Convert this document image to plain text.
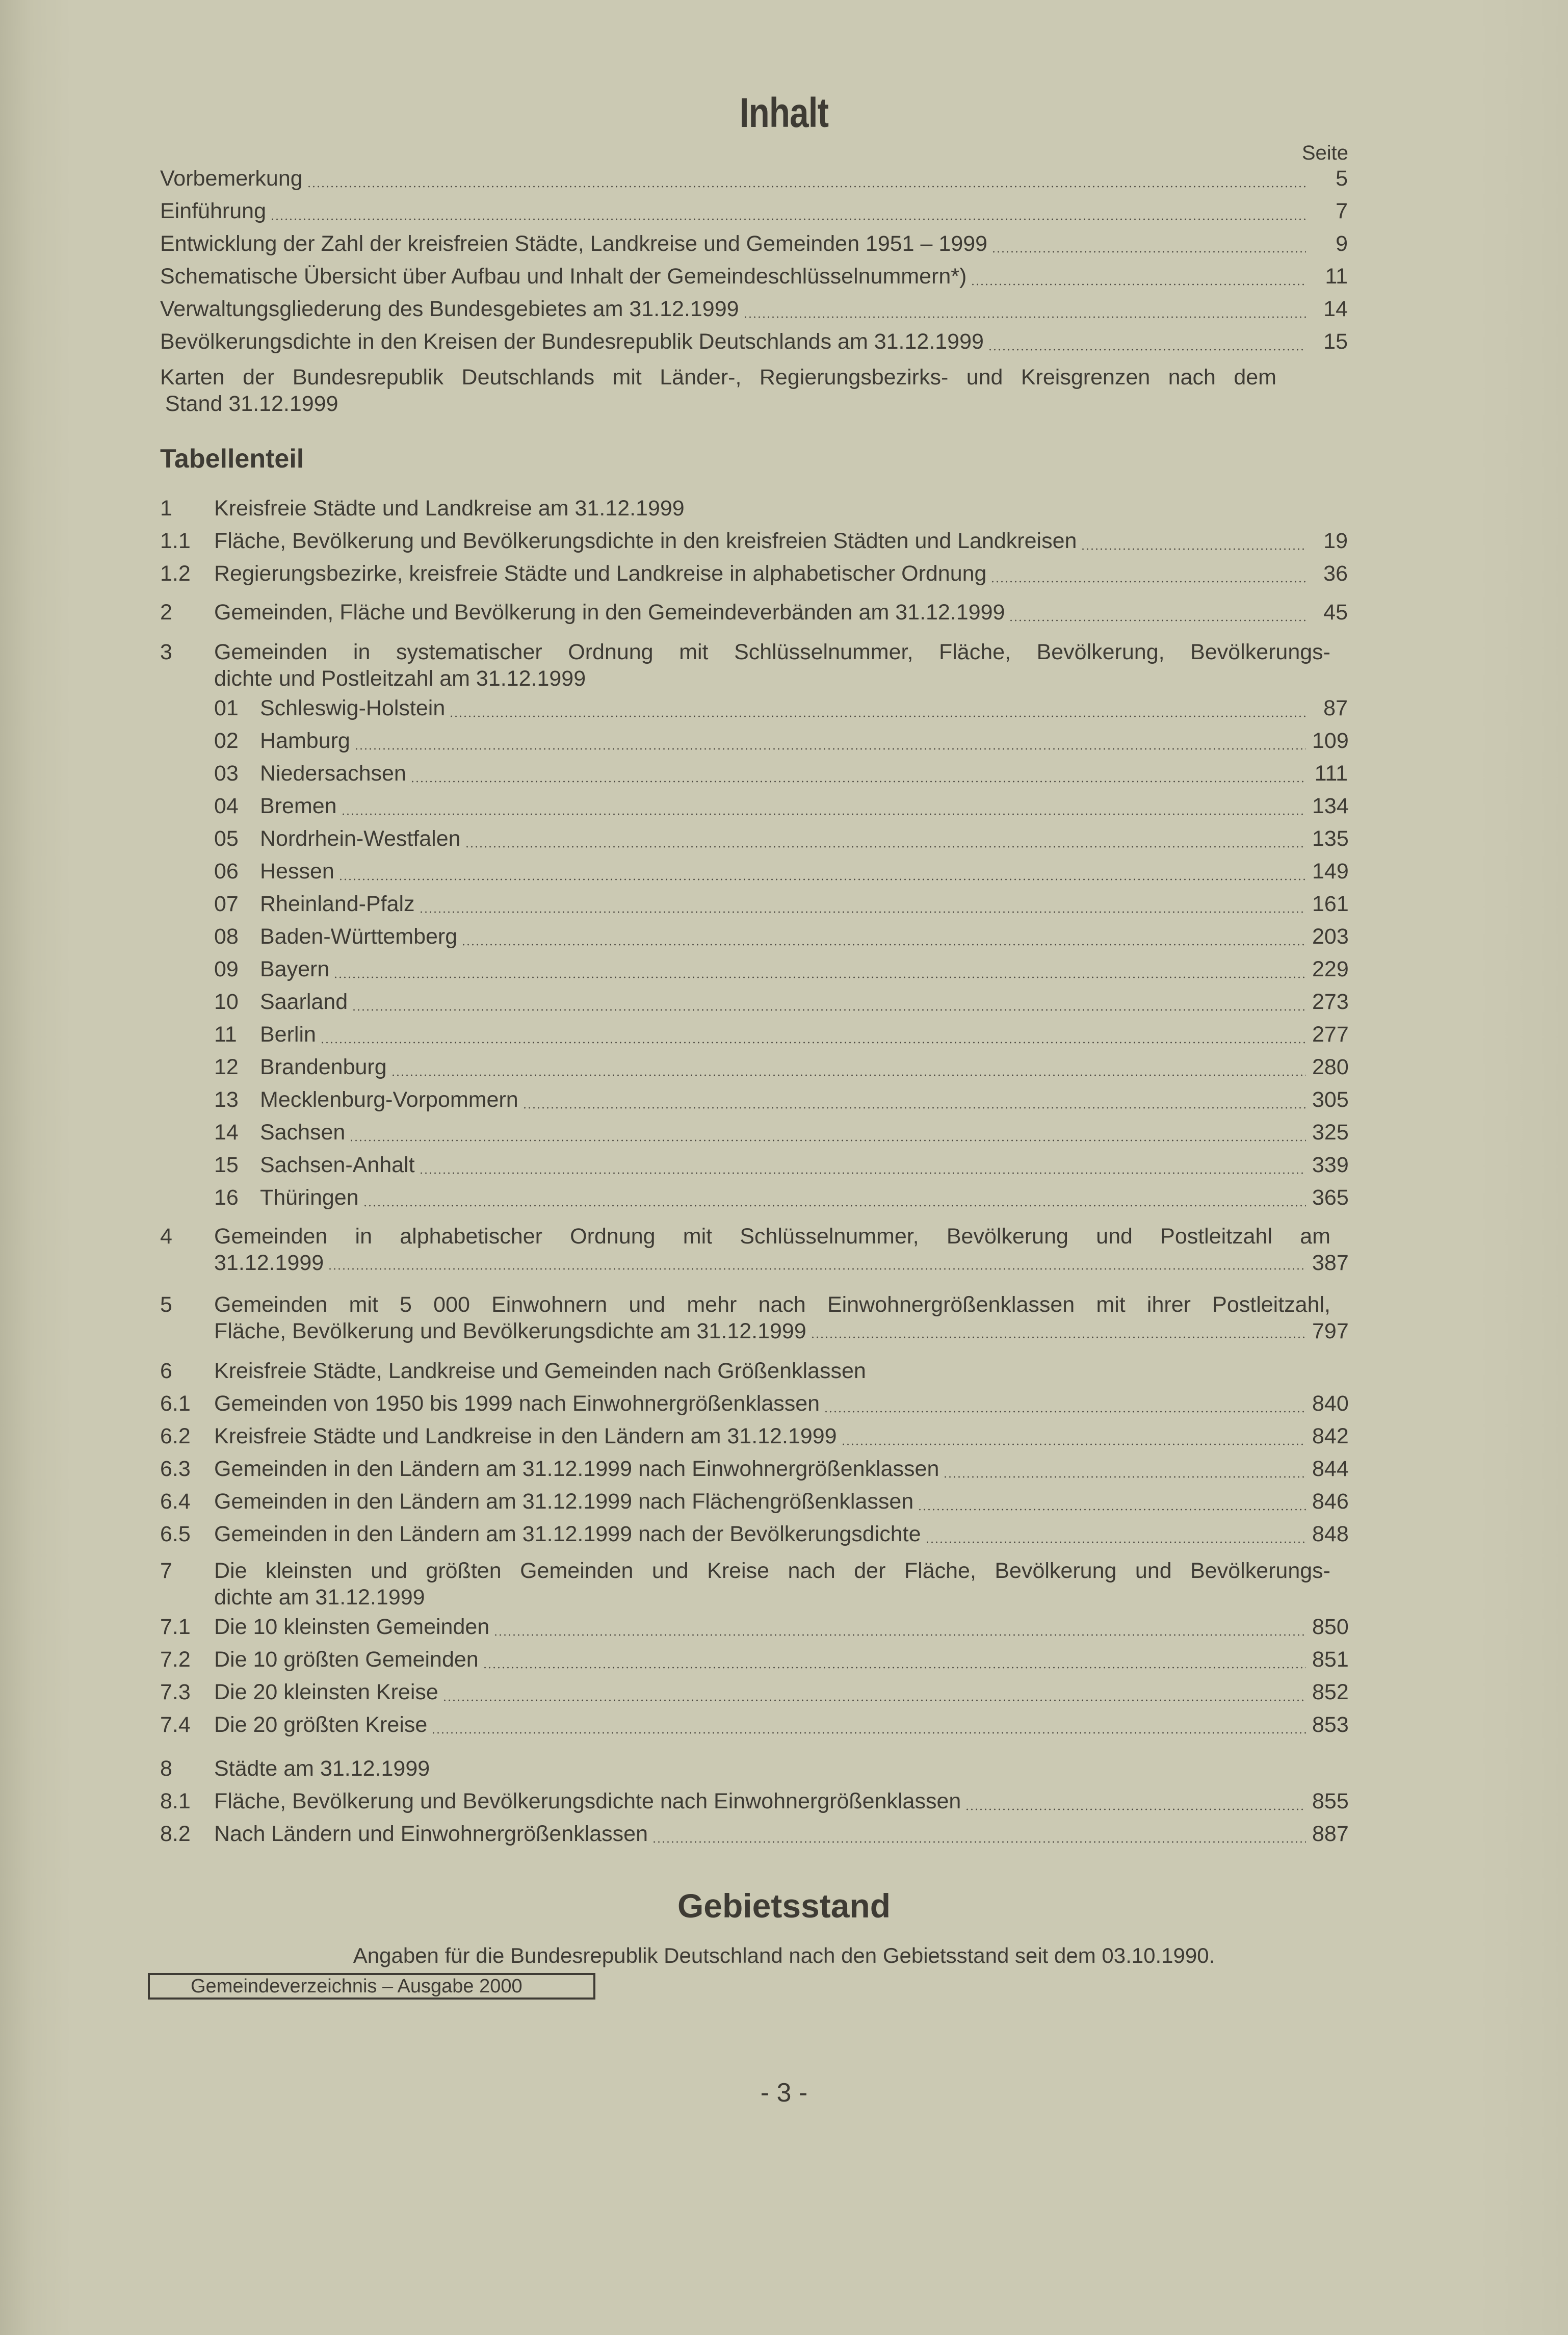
Inhalt
Seite
Vorbemerkung	5
Einführung	7
Entwicklung der Zahl der kreisfreien Städte, Landkreise und Gemeinden 1951 – 1999	9
Schematische Übersicht über Aufbau und Inhalt der Gemeindeschlüsselnummern*)	11
Verwaltungsgliederung des Bundesgebietes am 31.12.1999	14
Bevölkerungsdichte in den Kreisen der Bundesrepublik Deutschlands am 31.12.1999	15
Karten der Bundesrepublik Deutschlands mit Länder-, Regierungsbezirks- und Kreisgrenzen nach dem
Stand 31.12.1999
Tabellenteil
1	Kreisfreie Städte und Landkreise am 31.12.1999
1.1	Fläche, Bevölkerung und Bevölkerungsdichte in den kreisfreien Städten und Landkreisen	19
1.2	Regierungsbezirke, kreisfreie Städte und Landkreise in alphabetischer Ordnung	36
2	Gemeinden, Fläche und Bevölkerung in den Gemeindeverbänden am 31.12.1999	45
3	Gemeinden in systematischer Ordnung mit Schlüsselnummer, Fläche, Bevölkerung, Bevölkerungs-
dichte und Postleitzahl am 31.12.1999
01 Schleswig-Holstein	87
02 Hamburg	109
03 Niedersachsen	111
04 Bremen	134
05 Nordrhein-Westfalen	135
06 Hessen	149
07 Rheinland-Pfalz	161
08 Baden-Württemberg	203
09 Bayern	229
10 Saarland	273
11	Berlin	277
12 Brandenburg	280
13 Mecklenburg-Vorpommern	305
14 Sachsen	325
15 Sachsen-Anhalt	339
16 Thüringen	365
4	Gemeinden in alphabetischer Ordnung mit Schlüsselnummer, Bevölkerung und Postleitzahl am
31.12.1999	387
5	Gemeinden mit 5 000 Einwohnern und mehr nach Einwohnergrößenklassen mit ihrer Postleitzahl,
Fläche, Bevölkerung und Bevölkerungsdichte am 31.12.1999	797
6	Kreisfreie Städte, Landkreise und Gemeinden nach Größenklassen
6.1	Gemeinden von 1950 bis 1999 nach Einwohnergrößenklassen	840
6.2	Kreisfreie Städte und Landkreise in den Ländern am 31.12.1999	842
6.3	Gemeinden in den Ländern am 31.12.1999 nach Einwohnergrößenklassen	844
6.4	Gemeinden in den Ländern am 31.12.1999 nach Flächengrößenklassen	846
6.5	Gemeinden in den Ländern am 31.12.1999 nach der Bevölkerungsdichte	848
7	Die kleinsten und größten Gemeinden und Kreise nach der Fläche, Bevölkerung und Bevölkerungs-
dichte am 31.12.1999
7.1	Die 10 kleinsten Gemeinden	850
7.2	Die 10 größten Gemeinden	851
7.3	Die 20 kleinsten Kreise	852
7.4	Die 20 größten Kreise	853
8	Städte am 31.12.1999
8.1	Fläche, Bevölkerung und Bevölkerungsdichte nach Einwohnergrößenklassen	855
8.2	Nach Ländern und Einwohnergrößenklassen	887
Gebietsstand
Angaben für die Bundesrepublik Deutschland nach den Gebietsstand seit dem 03.10.1990.
Gemeindeverzeichnis – Ausgabe 2000
- 3 -
